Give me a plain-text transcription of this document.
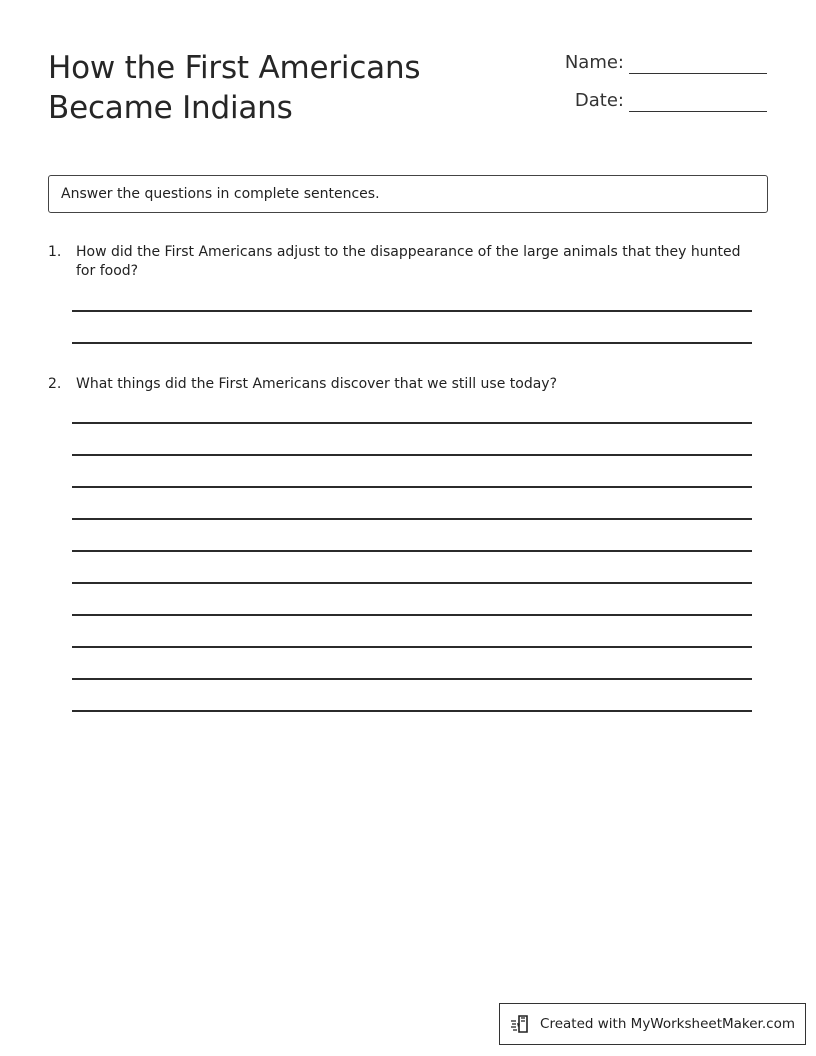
How the First Americans
Became Indians
Name:
Date:
Answer the questions in complete sentences.
1. How did the First Americans adjust to the disappearance of the large animals that they hunted for food?
2. What things did the First Americans discover that we still use today?
Created with MyWorksheetMaker.com
